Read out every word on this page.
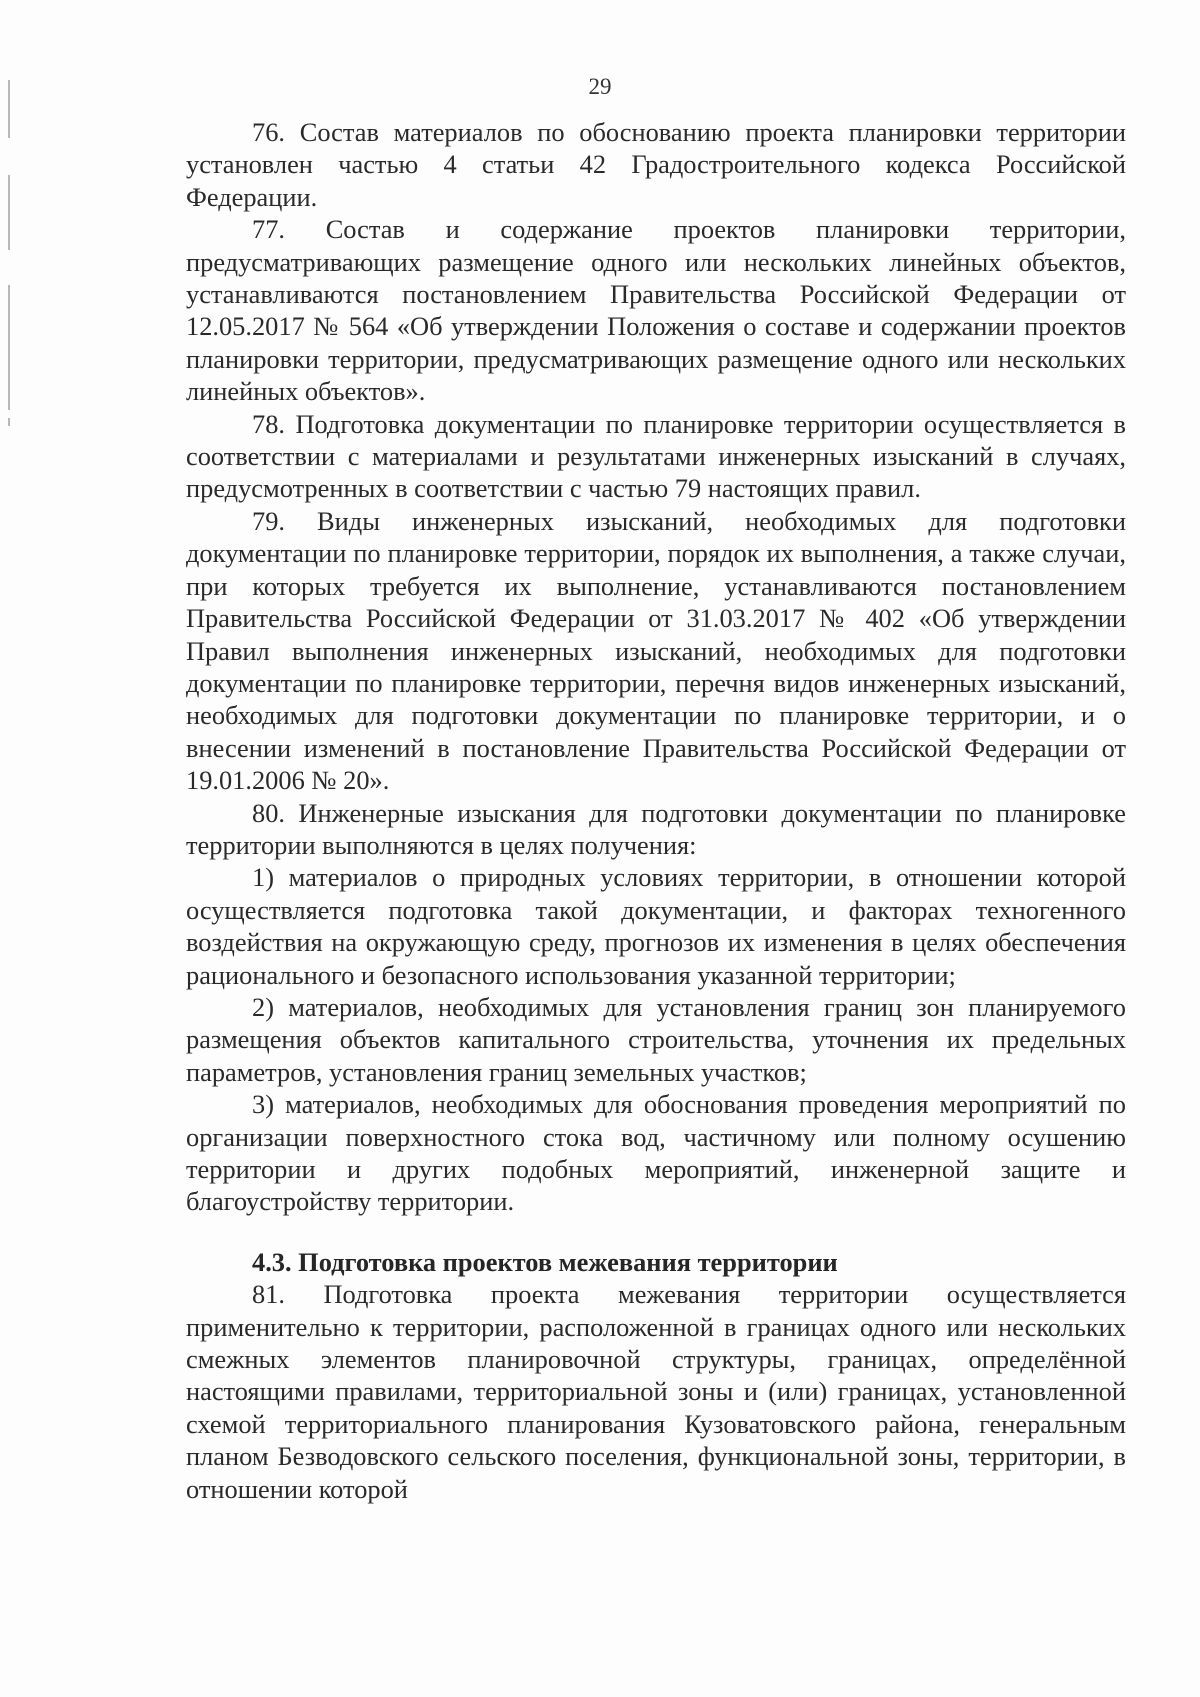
29

76. Состав материалов по обоснованию проекта планировки территории установлен частью 4 статьи 42 Градостроительного кодекса Российской Федерации.

77. Состав и содержание проектов планировки территории, предусматривающих размещение одного или нескольких линейных объектов, устанавливаются постановлением Правительства Российской Федерации от 12.05.2017 № 564 «Об утверждении Положения о составе и содержании проектов планировки территории, предусматривающих размещение одного или нескольких линейных объектов».

78. Подготовка документации по планировке территории осуществляется в соответствии с материалами и результатами инженерных изысканий в случаях, предусмотренных в соответствии с частью 79 настоящих правил.

79. Виды инженерных изысканий, необходимых для подготовки документации по планировке территории, порядок их выполнения, а также случаи, при которых требуется их выполнение, устанавливаются постановлением Правительства Российской Федерации от 31.03.2017 № 402 «Об утверждении Правил выполнения инженерных изысканий, необходимых для подготовки документации по планировке территории, перечня видов инженерных изысканий, необходимых для подготовки документации по планировке территории, и о внесении изменений в постановление Правительства Российской Федерации от 19.01.2006 № 20».

80. Инженерные изыскания для подготовки документации по планировке территории выполняются в целях получения:

1) материалов о природных условиях территории, в отношении которой осуществляется подготовка такой документации, и факторах техногенного воздействия на окружающую среду, прогнозов их изменения в целях обеспечения рационального и безопасного использования указанной территории;

2) материалов, необходимых для установления границ зон планируемого размещения объектов капитального строительства, уточнения их предельных параметров, установления границ земельных участков;

3) материалов, необходимых для обоснования проведения мероприятий по организации поверхностного стока вод, частичному или полному осушению территории и других подобных мероприятий, инженерной защите и благоустройству территории.

4.3. Подготовка проектов межевания территории

81. Подготовка проекта межевания территории осуществляется применительно к территории, расположенной в границах одного или нескольких смежных элементов планировочной структуры, границах, определённой настоящими правилами, территориальной зоны и (или) границах, установленной схемой территориального планирования Кузоватовского района, генеральным планом Безводовского сельского поселения, функциональной зоны, территории, в отношении которой
